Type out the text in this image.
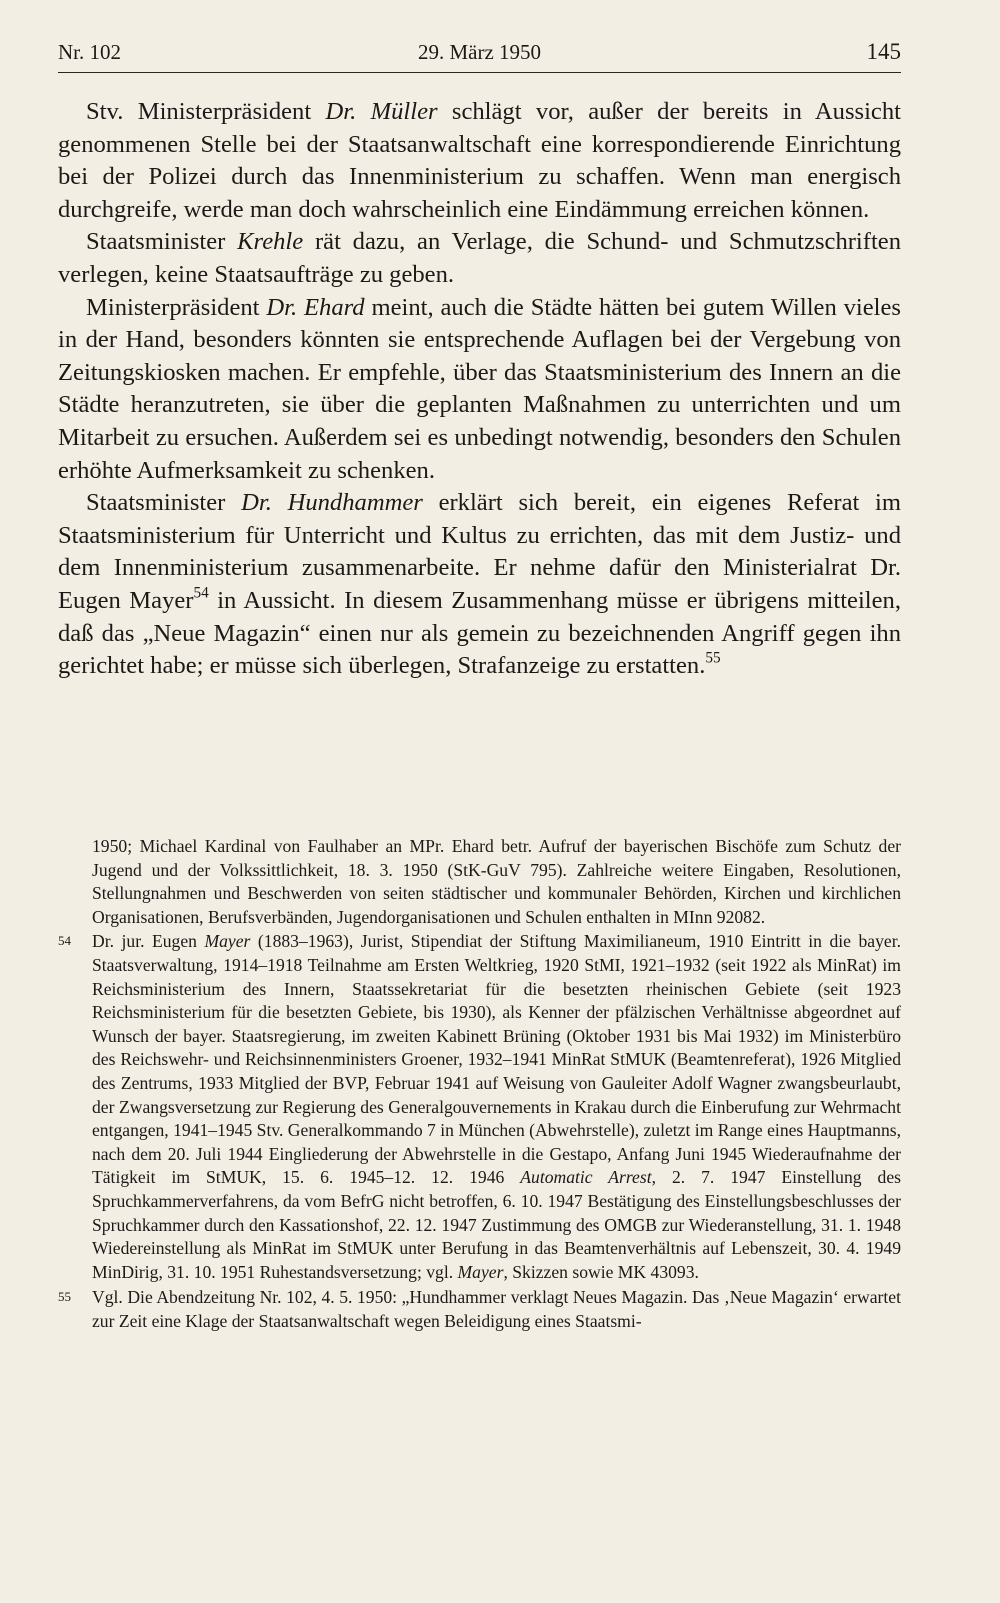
Nr. 102	29. März 1950	145

Stv. Ministerpräsident Dr. Müller schlägt vor, außer der bereits in Aussicht genommenen Stelle bei der Staatsanwaltschaft eine korrespondierende Einrichtung bei der Polizei durch das Innenministerium zu schaffen. Wenn man energisch durchgreife, werde man doch wahrscheinlich eine Eindämmung erreichen können.

Staatsminister Krehle rät dazu, an Verlage, die Schund- und Schmutzschriften verlegen, keine Staatsaufträge zu geben.

Ministerpräsident Dr. Ehard meint, auch die Städte hätten bei gutem Willen vieles in der Hand, besonders könnten sie entsprechende Auflagen bei der Vergebung von Zeitungskiosken machen. Er empfehle, über das Staatsministerium des Innern an die Städte heranzutreten, sie über die geplanten Maßnahmen zu unterrichten und um Mitarbeit zu ersuchen. Außerdem sei es unbedingt notwendig, besonders den Schulen erhöhte Aufmerksamkeit zu schenken.

Staatsminister Dr. Hundhammer erklärt sich bereit, ein eigenes Referat im Staatsministerium für Unterricht und Kultus zu errichten, das mit dem Justiz- und dem Innenministerium zusammenarbeite. Er nehme dafür den Ministerialrat Dr. Eugen Mayer$^{54}$ in Aussicht. In diesem Zusammenhang müsse er übrigens mitteilen, daß das „Neue Magazin“ einen nur als gemein zu bezeichnenden Angriff gegen ihn gerichtet habe; er müsse sich überlegen, Strafanzeige zu erstatten.$^{55}$

1950; Michael Kardinal von Faulhaber an MPr. Ehard betr. Aufruf der bayerischen Bischöfe zum Schutz der Jugend und der Volkssittlichkeit, 18. 3. 1950 (StK-GuV 795). Zahlreiche weitere Eingaben, Resolutionen, Stellungnahmen und Beschwerden von seiten städtischer und kommunaler Behörden, Kirchen und kirchlichen Organisationen, Berufsverbänden, Jugendorganisationen und Schulen enthalten in MInn 92082.

54 Dr. jur. Eugen Mayer (1883–1963), Jurist, Stipendiat der Stiftung Maximilianeum, 1910 Eintritt in die bayer. Staatsverwaltung, 1914–1918 Teilnahme am Ersten Weltkrieg, 1920 StMI, 1921–1932 (seit 1922 als MinRat) im Reichsministerium des Innern, Staatssekretariat für die besetzten rheinischen Gebiete (seit 1923 Reichsministerium für die besetzten Gebiete, bis 1930), als Kenner der pfälzischen Verhältnisse abgeordnet auf Wunsch der bayer. Staatsregierung, im zweiten Kabinett Brüning (Oktober 1931 bis Mai 1932) im Ministerbüro des Reichswehr- und Reichsinnenministers Groener, 1932–1941 MinRat StMUK (Beamtenreferat), 1926 Mitglied des Zentrums, 1933 Mitglied der BVP, Februar 1941 auf Weisung von Gauleiter Adolf Wagner zwangsbeurlaubt, der Zwangsversetzung zur Regierung des Generalgouvernements in Krakau durch die Einberufung zur Wehrmacht entgangen, 1941–1945 Stv. Generalkommando 7 in München (Abwehrstelle), zuletzt im Range eines Hauptmanns, nach dem 20. Juli 1944 Eingliederung der Abwehrstelle in die Gestapo, Anfang Juni 1945 Wiederaufnahme der Tätigkeit im StMUK, 15. 6. 1945–12. 12. 1946 Automatic Arrest, 2. 7. 1947 Einstellung des Spruchkammerverfahrens, da vom BefrG nicht betroffen, 6. 10. 1947 Bestätigung des Einstellungsbeschlusses der Spruchkammer durch den Kassationshof, 22. 12. 1947 Zustimmung des OMGB zur Wiederanstellung, 31. 1. 1948 Wiedereinstellung als MinRat im StMUK unter Berufung in das Beamtenverhältnis auf Lebenszeit, 30. 4. 1949 MinDirig, 31. 10. 1951 Ruhestandsversetzung; vgl. Mayer, Skizzen sowie MK 43093.
55 Vgl. Die Abendzeitung Nr. 102, 4. 5. 1950: „Hundhammer verklagt Neues Magazin. Das ‚Neue Magazin‘ erwartet zur Zeit eine Klage der Staatsanwaltschaft wegen Beleidigung eines Staatsmi-
